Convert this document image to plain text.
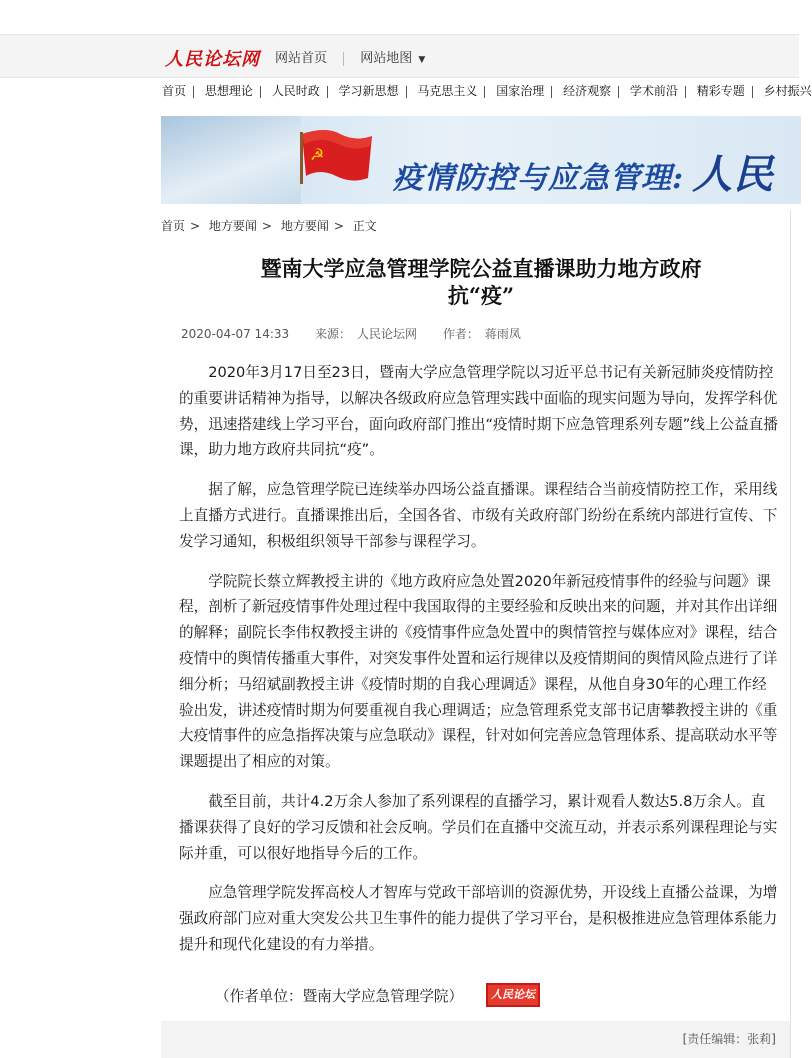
人民论坛网 网站首页	网站地图 ▼
首页 思想理论 人民时政 学习新思想 马克思主义 国家治理 经济观察 学术前沿 精彩专题 乡村振兴
☭
疫情防控与应急管理: 人民
首页 > 地方要闻 > 地方要闻 > 正文
暨南大学应急管理学院公益直播课助力地方政府
抗“疫”
2020-04-07 14:33 来源： 人民论坛网 作者： 蒋雨凤

2020年3月17日至23日，暨南大学应急管理学院以习近平总书记有关新冠肺炎疫情防控的重要讲话精神为指导，以解决各级政府应急管理实践中面临的现实问题为导向，发挥学科优势，迅速搭建线上学习平台，面向政府部门推出“疫情时期下应急管理系列专题”线上公益直播课，助力地方政府共同抗“疫”。

据了解，应急管理学院已连续举办四场公益直播课。课程结合当前疫情防控工作，采用线上直播方式进行。直播课推出后，全国各省、市级有关政府部门纷纷在系统内部进行宣传、下发学习通知，积极组织领导干部参与课程学习。

学院院长蔡立辉教授主讲的《地方政府应急处置2020年新冠疫情事件的经验与问题》课程，剖析了新冠疫情事件处理过程中我国取得的主要经验和反映出来的问题，并对其作出详细的解释；副院长李伟权教授主讲的《疫情事件应急处置中的舆情管控与媒体应对》课程，结合疫情中的舆情传播重大事件，对突发事件处置和运行规律以及疫情期间的舆情风险点进行了详细分析；马绍斌副教授主讲《疫情时期的自我心理调适》课程，从他自身30年的心理工作经验出发，讲述疫情时期为何要重视自我心理调适；应急管理系党支部书记唐攀教授主讲的《重大疫情事件的应急指挥决策与应急联动》课程，针对如何完善应急管理体系、提高联动水平等课题提出了相应的对策。

截至目前，共计4.2万余人参加了系列课程的直播学习，累计观看人数达5.8万余人。直播课获得了良好的学习反馈和社会反响。学员们在直播中交流互动，并表示系列课程理论与实际并重，可以很好地指导今后的工作。

应急管理学院发挥高校人才智库与党政干部培训的资源优势，开设线上直播公益课，为增强政府部门应对重大突发公共卫生事件的能力提供了学习平台，是积极推进应急管理体系能力提升和现代化建设的有力举措。

（作者单位：暨南大学应急管理学院）	人民论坛
[责任编辑：张莉]
